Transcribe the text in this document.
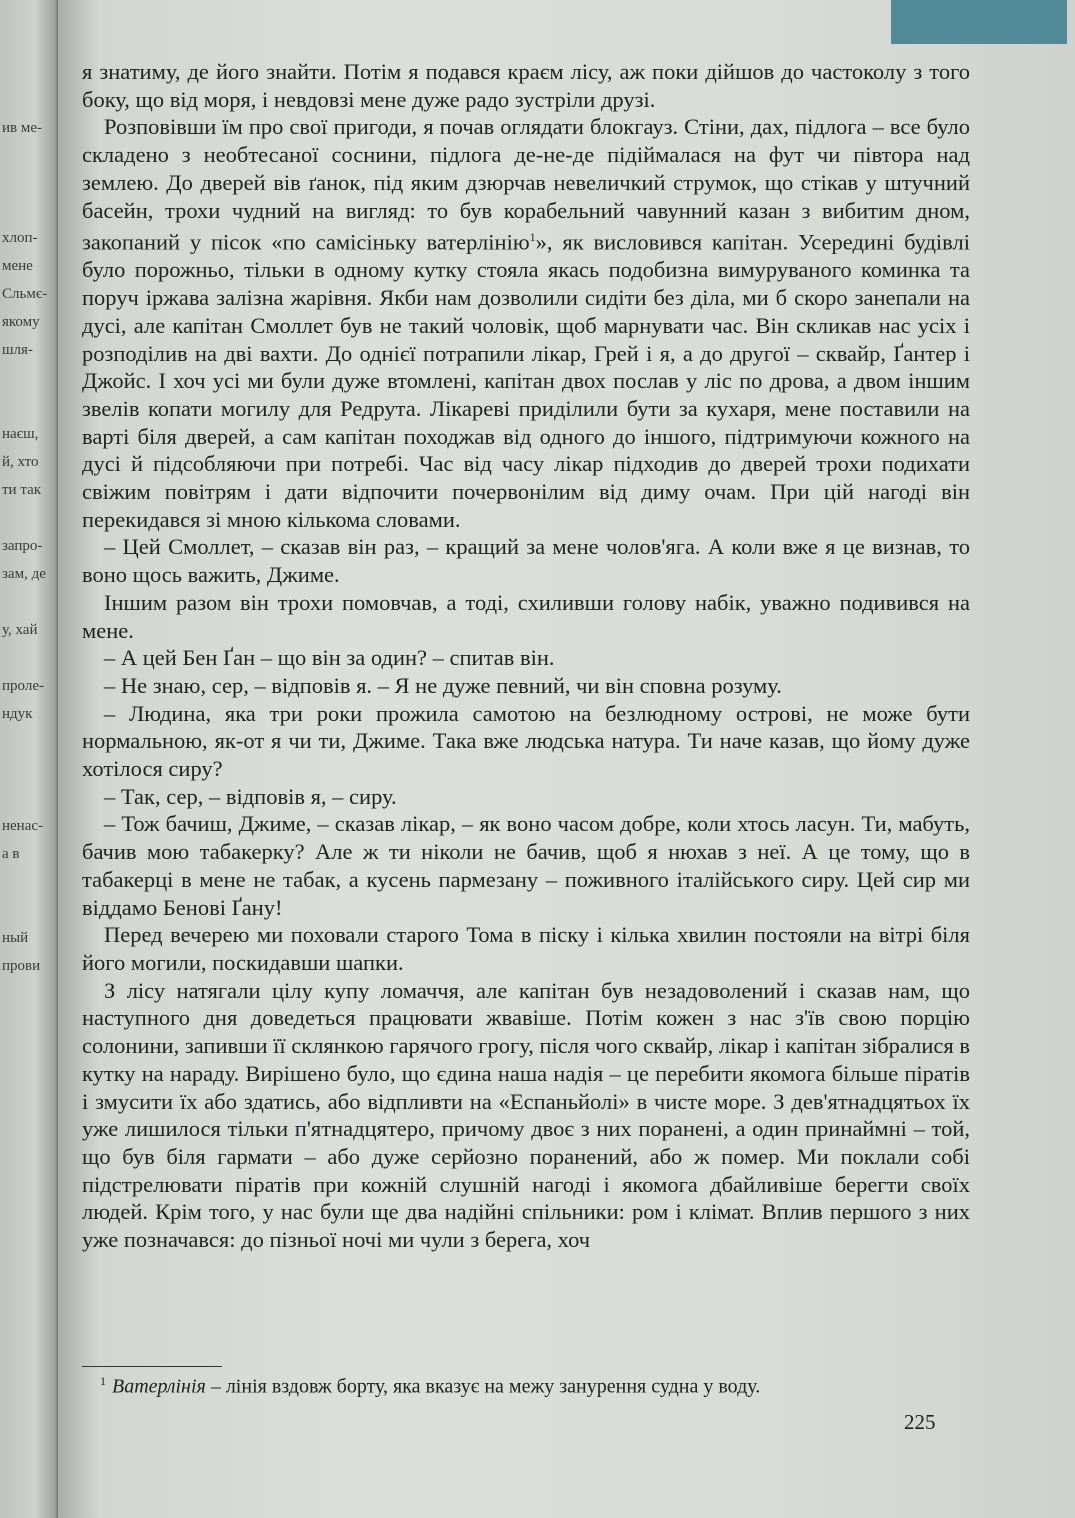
ив ме-
хлоп-
мене
Сльмє-
якому
шля-
наєш,
й, хто
ти так
запро-
зам, де
у, хай
проле-
ндук
ненас-
а в
ный
прови

я знатиму, де його знайти. Потім я подався краєм лісу, аж поки дійшов до частоколу з того боку, що від моря, і невдовзі мене дуже радо зустріли друзі.

Розповівши їм про свої пригоди, я почав оглядати блокгауз. Стіни, дах, підлога – все було складено з необтесаної соснини, підлога де-не-де підіймалася на фут чи півтора над землею. До дверей вів ґанок, під яким дзюрчав невеличкий струмок, що стікав у штучний басейн, трохи чудний на вигляд: то був корабельний чавунний казан з вибитим дном, закопаний у пісок «по самісіньку ватерлінію$^1$», як висловився капітан. Усередині будівлі було порожньо, тільки в одному кутку стояла якась подобизна вимуруваного коминка та поруч іржава залізна жарівня. Якби нам дозволили сидіти без діла, ми б скоро занепали на дусі, але капітан Смоллет був не такий чоловік, щоб марнувати час. Він скликав нас усіх і розподілив на дві вахти. До однієї потрапили лікар, Грей і я, а до другої – сквайр, Ґантер і Джойс. І хоч усі ми були дуже втомлені, капітан двох послав у ліс по дрова, а двом іншим звелів копати могилу для Редрута. Лікареві приділили бути за кухаря, мене поставили на варті біля дверей, а сам капітан походжав від одного до іншого, підтримуючи кожного на дусі й підсобляючи при потребі. Час від часу лікар підходив до дверей трохи подихати свіжим повітрям і дати відпочити почервонілим від диму очам. При цій нагоді він перекидався зі мною кількома словами.

– Цей Смоллет, – сказав він раз, – кращий за мене чолов'яга. А коли вже я це визнав, то воно щось важить, Джиме.

Іншим разом він трохи помовчав, а тоді, схиливши голову набік, уважно подивився на мене.

– А цей Бен Ґан – що він за один? – спитав він.

– Не знаю, сер, – відповів я. – Я не дуже певний, чи він сповна розуму.

– Людина, яка три роки прожила самотою на безлюдному острові, не може бути нормальною, як-от я чи ти, Джиме. Така вже людська натура. Ти наче казав, що йому дуже хотілося сиру?

– Так, сер, – відповів я, – сиру.

– Тож бачиш, Джиме, – сказав лікар, – як воно часом добре, коли хтось ласун. Ти, мабуть, бачив мою табакерку? Але ж ти ніколи не бачив, щоб я нюхав з неї. А це тому, що в табакерці в мене не табак, а кусень пармезану – поживного італійського сиру. Цей сир ми віддамо Бенові Ґану!

Перед вечерею ми поховали старого Тома в піску і кілька хвилин постояли на вітрі біля його могили, поскидавши шапки.

З лісу натягали цілу купу ломаччя, але капітан був незадоволений і сказав нам, що наступного дня доведеться працювати жвавіше. Потім кожен з нас з'їв свою порцію солонини, запивши її склянкою гарячого грогу, після чого сквайр, лікар і капітан зібралися в кутку на нараду. Вирішено було, що єдина наша надія – це перебити якомога більше піратів і змусити їх або здатись, або відпливти на «Еспаньйолі» в чисте море. З дев'ятнадцятьох їх уже лишилося тільки п'ятнадцятеро, причому двоє з них поранені, а один принаймні – той, що був біля гармати – або дуже серйозно поранений, або ж помер. Ми поклали собі підстрелювати піратів при кожній слушній нагоді і якомога дбайливіше берегти своїх людей. Крім того, у нас були ще два надійні спільники: ром і клімат. Вплив першого з них уже позначався: до пізньої ночі ми чули з берега, хоч

$^1$ Ватерлінія – лінія вздовж борту, яка вказує на межу занурення судна у воду.
225
